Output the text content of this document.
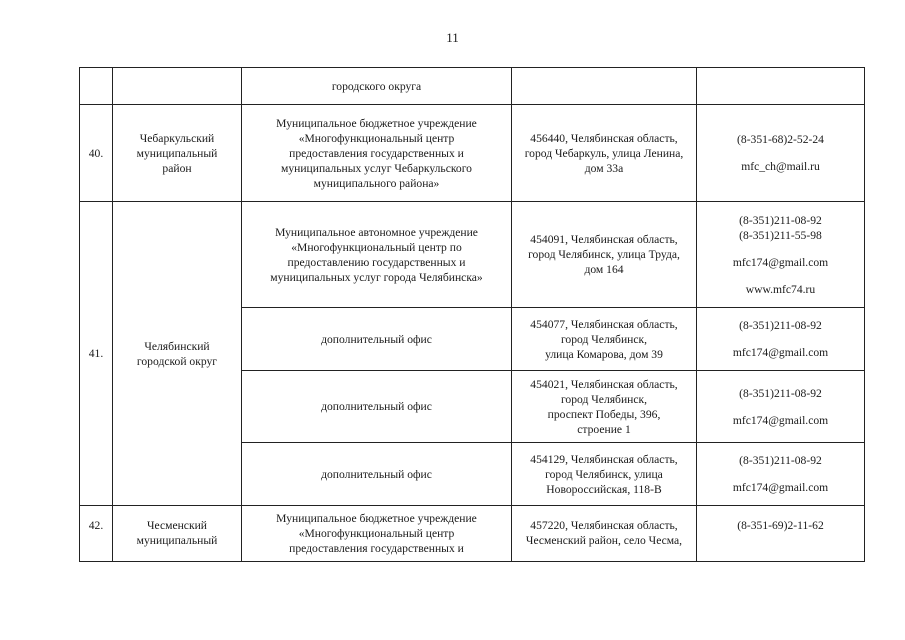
11
городского округа
40.
Чебаркульский
муниципальный
район
Муниципальное бюджетное учреждение
«Многофункциональный центр
предоставления государственных и
муниципальных услуг Чебаркульского
муниципального района»
456440, Челябинская область,
город Чебаркуль, улица Ленина,
дом 33а
(8-351-68)2-52-24
mfc_ch@mail.ru
41.
Челябинский
городской округ
Муниципальное автономное учреждение
«Многофункциональный центр по
предоставлению государственных и
муниципальных услуг города Челябинска»
454091, Челябинская область,
город Челябинск, улица Труда,
дом 164
(8-351)211-08-92
(8-351)211-55-98
mfc174@gmail.com
www.mfc74.ru
дополнительный офис
454077, Челябинская область,
город Челябинск,
улица Комарова, дом 39
(8-351)211-08-92
mfc174@gmail.com
дополнительный офис
454021, Челябинская область,
город Челябинск,
проспект Победы, 396,
строение 1
(8-351)211-08-92
mfc174@gmail.com
дополнительный офис
454129, Челябинская область,
город Челябинск, улица
Новороссийская, 118-В
(8-351)211-08-92
mfc174@gmail.com
42.	Чесменский
муниципальный
Муниципальное бюджетное учреждение
«Многофункциональный центр
предоставления государственных и
457220, Челябинская область,
Чесменский район, село Чесма,
(8-351-69)2-11-62
